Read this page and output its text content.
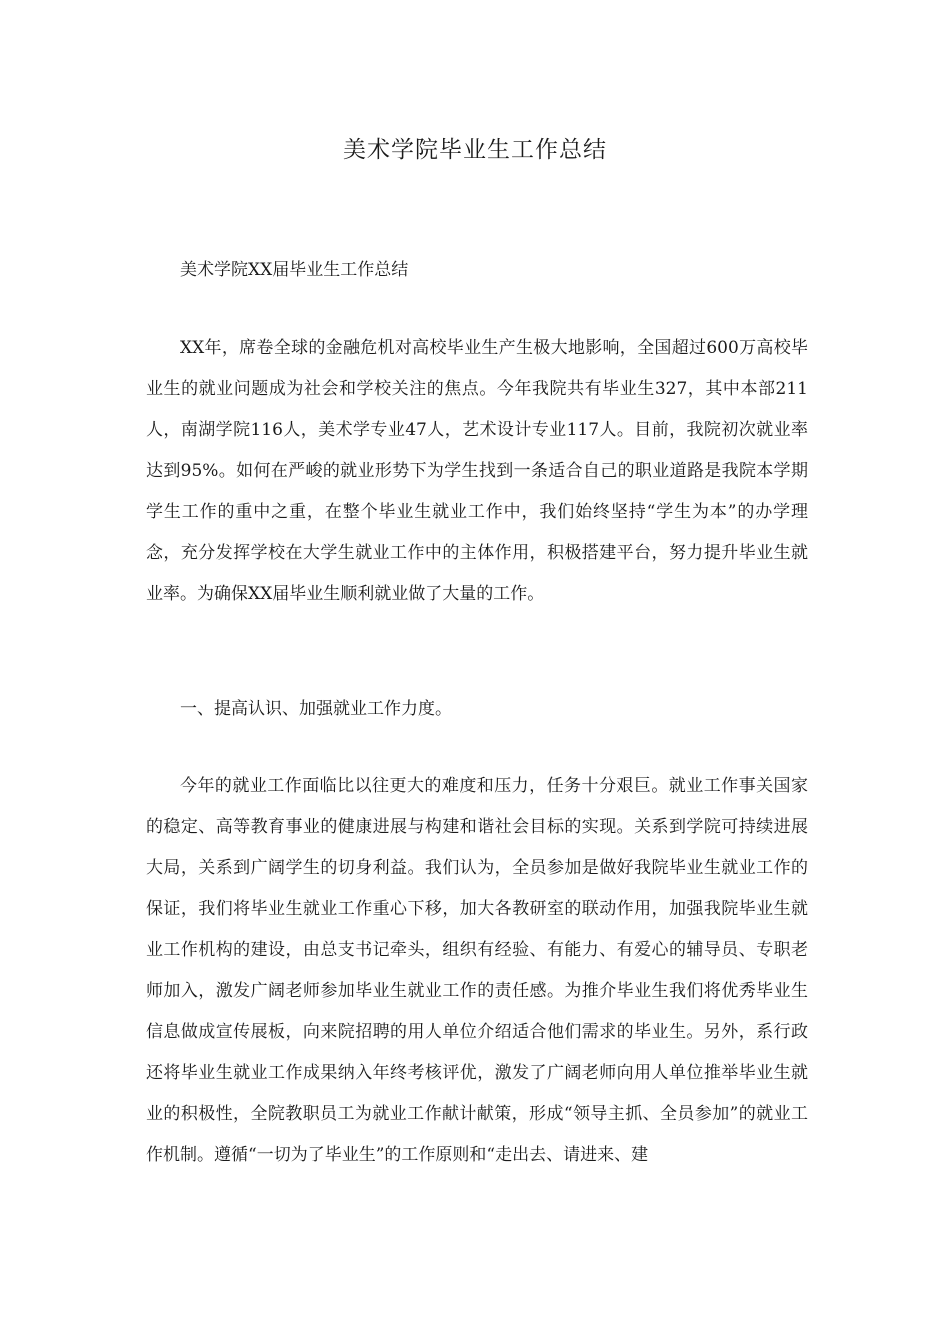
美术学院毕业生工作总结

美术学院XX届毕业生工作总结

XX年，席卷全球的金融危机对高校毕业生产生极大地影响，全国超过600万高校毕业生的就业问题成为社会和学校关注的焦点。今年我院共有毕业生327，其中本部211人，南湖学院116人，美术学专业47人，艺术设计专业117人。目前，我院初次就业率达到95%。如何在严峻的就业形势下为学生找到一条适合自己的职业道路是我院本学期学生工作的重中之重，在整个毕业生就业工作中，我们始终坚持“学生为本”的办学理念，充分发挥学校在大学生就业工作中的主体作用，积极搭建平台，努力提升毕业生就业率。为确保XX届毕业生顺利就业做了大量的工作。

一、提高认识、加强就业工作力度。

今年的就业工作面临比以往更大的难度和压力，任务十分艰巨。就业工作事关国家的稳定、高等教育事业的健康进展与构建和谐社会目标的实现。关系到学院可持续进展大局，关系到广阔学生的切身利益。我们认为，全员参加是做好我院毕业生就业工作的保证，我们将毕业生就业工作重心下移，加大各教研室的联动作用，加强我院毕业生就业工作机构的建设，由总支书记牵头，组织有经验、有能力、有爱心的辅导员、专职老师加入，激发广阔老师参加毕业生就业工作的责任感。为推介毕业生我们将优秀毕业生信息做成宣传展板，向来院招聘的用人单位介绍适合他们需求的毕业生。另外，系行政还将毕业生就业工作成果纳入年终考核评优，激发了广阔老师向用人单位推举毕业生就业的积极性，全院教职员工为就业工作献计献策，形成“领导主抓、全员参加”的就业工作机制。遵循“一切为了毕业生”的工作原则和“走出去、请进来、建
